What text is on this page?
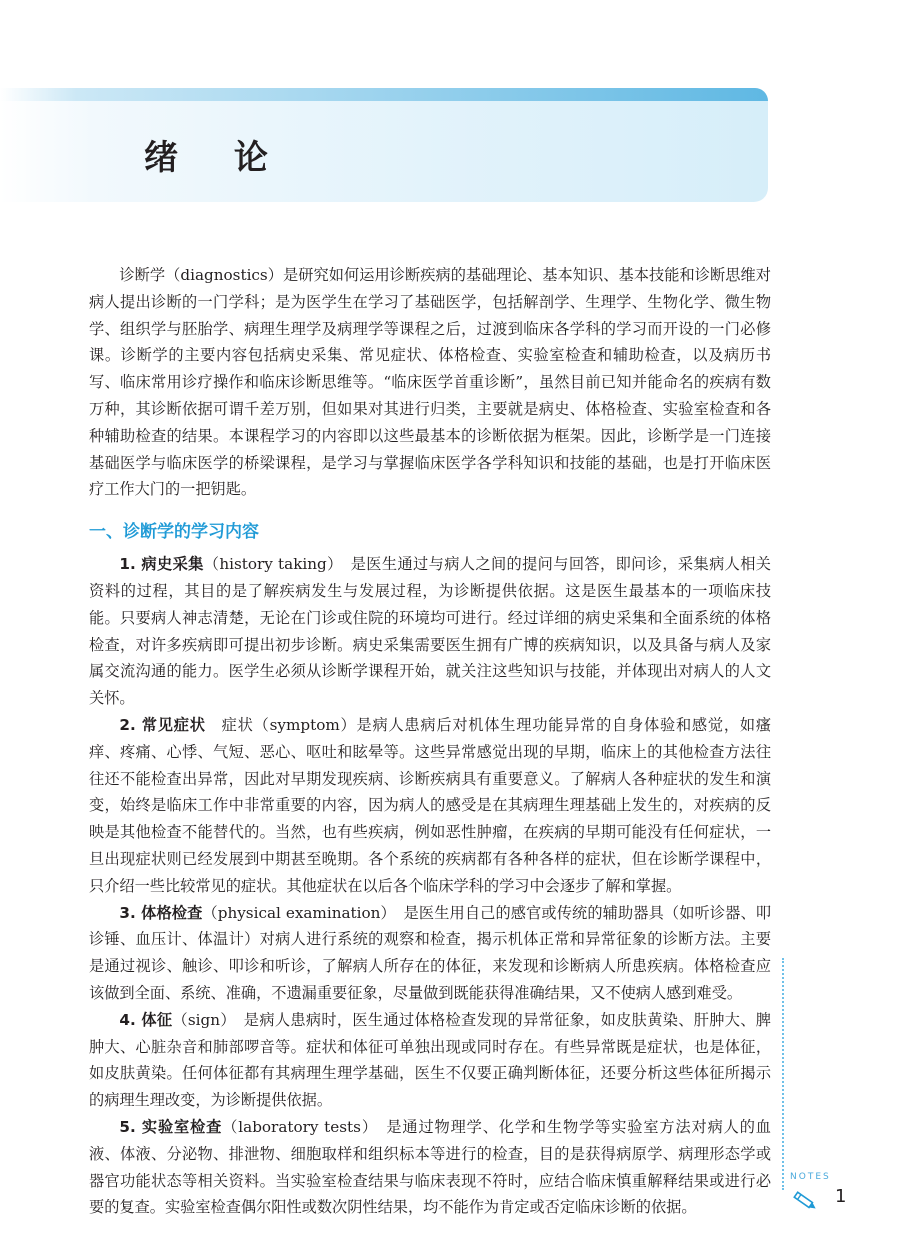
绪 论

诊断学（diagnostics）是研究如何运用诊断疾病的基础理论、基本知识、基本技能和诊断思维对病人提出诊断的一门学科；是为医学生在学习了基础医学，包括解剖学、生理学、生物化学、微生物学、组织学与胚胎学、病理生理学及病理学等课程之后，过渡到临床各学科的学习而开设的一门必修课。诊断学的主要内容包括病史采集、常见症状、体格检查、实验室检查和辅助检查，以及病历书写、临床常用诊疗操作和临床诊断思维等。“临床医学首重诊断”，虽然目前已知并能命名的疾病有数万种，其诊断依据可谓千差万别，但如果对其进行归类，主要就是病史、体格检查、实验室检查和各种辅助检查的结果。本课程学习的内容即以这些最基本的诊断依据为框架。因此，诊断学是一门连接基础医学与临床医学的桥梁课程，是学习与掌握临床医学各学科知识和技能的基础，也是打开临床医疗工作大门的一把钥匙。

一、诊断学的学习内容

1. 病史采集（history taking）　是医生通过与病人之间的提问与回答，即问诊，采集病人相关资料的过程，其目的是了解疾病发生与发展过程，为诊断提供依据。这是医生最基本的一项临床技能。只要病人神志清楚，无论在门诊或住院的环境均可进行。经过详细的病史采集和全面系统的体格检查，对许多疾病即可提出初步诊断。病史采集需要医生拥有广博的疾病知识，以及具备与病人及家属交流沟通的能力。医学生必须从诊断学课程开始，就关注这些知识与技能，并体现出对病人的人文关怀。

2. 常见症状　症状（symptom）是病人患病后对机体生理功能异常的自身体验和感觉，如瘙痒、疼痛、心悸、气短、恶心、呕吐和眩晕等。这些异常感觉出现的早期，临床上的其他检查方法往往还不能检查出异常，因此对早期发现疾病、诊断疾病具有重要意义。了解病人各种症状的发生和演变，始终是临床工作中非常重要的内容，因为病人的感受是在其病理生理基础上发生的，对疾病的反映是其他检查不能替代的。当然，也有些疾病，例如恶性肿瘤，在疾病的早期可能没有任何症状，一旦出现症状则已经发展到中期甚至晚期。各个系统的疾病都有各种各样的症状，但在诊断学课程中，只介绍一些比较常见的症状。其他症状在以后各个临床学科的学习中会逐步了解和掌握。

3. 体格检查（physical examination）　是医生用自己的感官或传统的辅助器具（如听诊器、叩诊锤、血压计、体温计）对病人进行系统的观察和检查，揭示机体正常和异常征象的诊断方法。主要是通过视诊、触诊、叩诊和听诊，了解病人所存在的体征，来发现和诊断病人所患疾病。体格检查应该做到全面、系统、准确，不遗漏重要征象，尽量做到既能获得准确结果，又不使病人感到难受。

4. 体征（sign）　是病人患病时，医生通过体格检查发现的异常征象，如皮肤黄染、肝肿大、脾肿大、心脏杂音和肺部啰音等。症状和体征可单独出现或同时存在。有些异常既是症状，也是体征，如皮肤黄染。任何体征都有其病理生理学基础，医生不仅要正确判断体征，还要分析这些体征所揭示的病理生理改变，为诊断提供依据。

5. 实验室检查（laboratory tests）　是通过物理学、化学和生物学等实验室方法对病人的血液、体液、分泌物、排泄物、细胞取样和组织标本等进行的检查，目的是获得病原学、病理形态学或器官功能状态等相关资料。当实验室检查结果与临床表现不符时，应结合临床慎重解释结果或进行必要的复查。实验室检查偶尔阳性或数次阴性结果，均不能作为肯定或否定临床诊断的依据。

NOTES
1
